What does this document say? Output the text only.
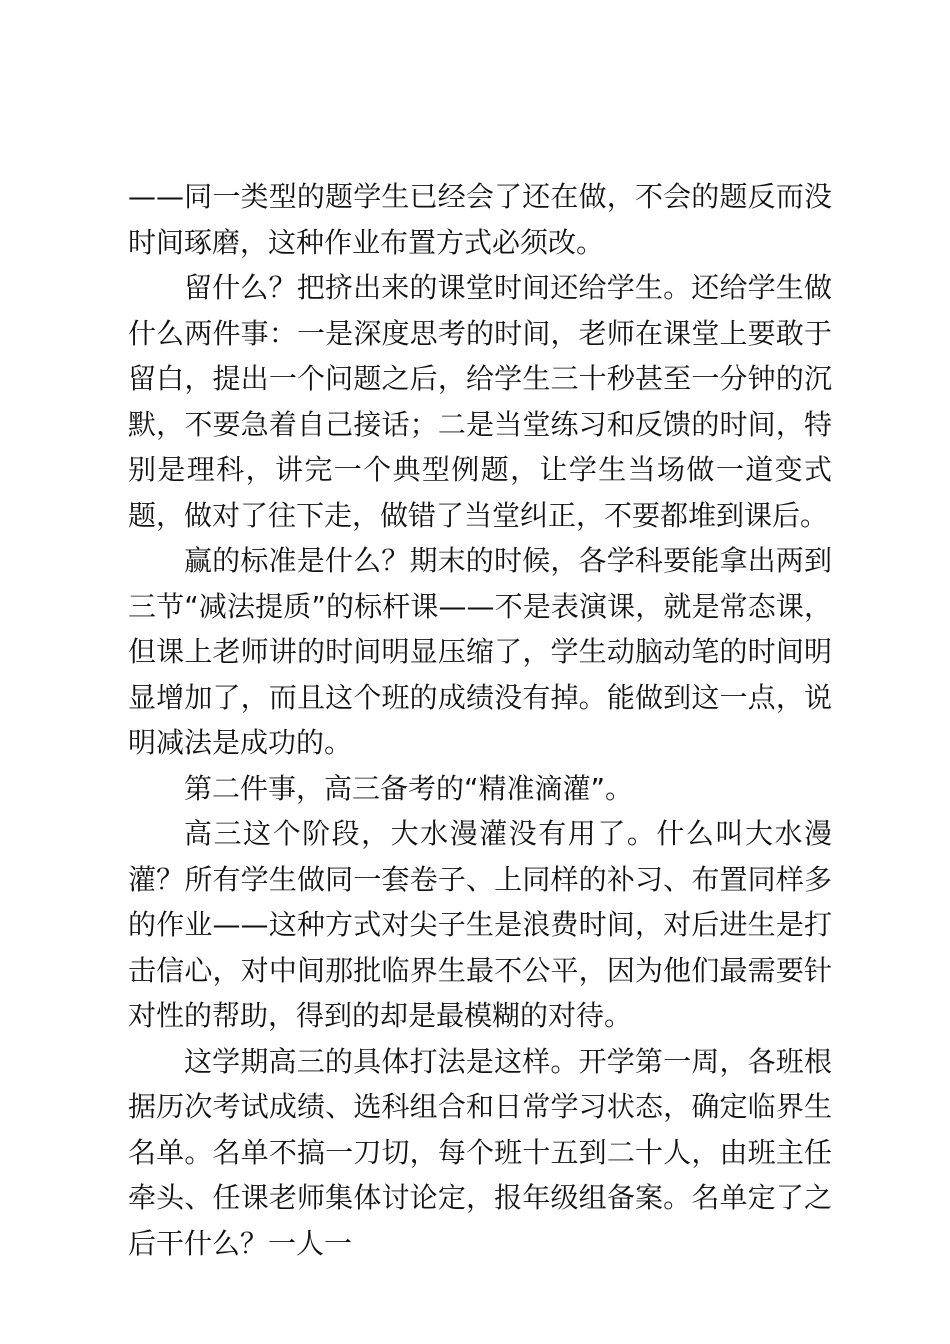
——同一类型的题学生已经会了还在做，不会的题反而没时间琢磨，这种作业布置方式必须改。

留什么？把挤出来的课堂时间还给学生。还给学生做什么两件事：一是深度思考的时间，老师在课堂上要敢于留白，提出一个问题之后，给学生三十秒甚至一分钟的沉默，不要急着自己接话；二是当堂练习和反馈的时间，特别是理科，讲完一个典型例题，让学生当场做一道变式题，做对了往下走，做错了当堂纠正，不要都堆到课后。

赢的标准是什么？期末的时候，各学科要能拿出两到三节“减法提质”的标杆课——不是表演课，就是常态课，但课上老师讲的时间明显压缩了，学生动脑动笔的时间明显增加了，而且这个班的成绩没有掉。能做到这一点，说明减法是成功的。

第二件事，高三备考的“精准滴灌”。

高三这个阶段，大水漫灌没有用了。什么叫大水漫灌？所有学生做同一套卷子、上同样的补习、布置同样多的作业——这种方式对尖子生是浪费时间，对后进生是打击信心，对中间那批临界生最不公平，因为他们最需要针对性的帮助，得到的却是最模糊的对待。

这学期高三的具体打法是这样。开学第一周，各班根据历次考试成绩、选科组合和日常学习状态，确定临界生名单。名单不搞一刀切，每个班十五到二十人，由班主任牵头、任课老师集体讨论定，报年级组备案。名单定了之后干什么？一人一
